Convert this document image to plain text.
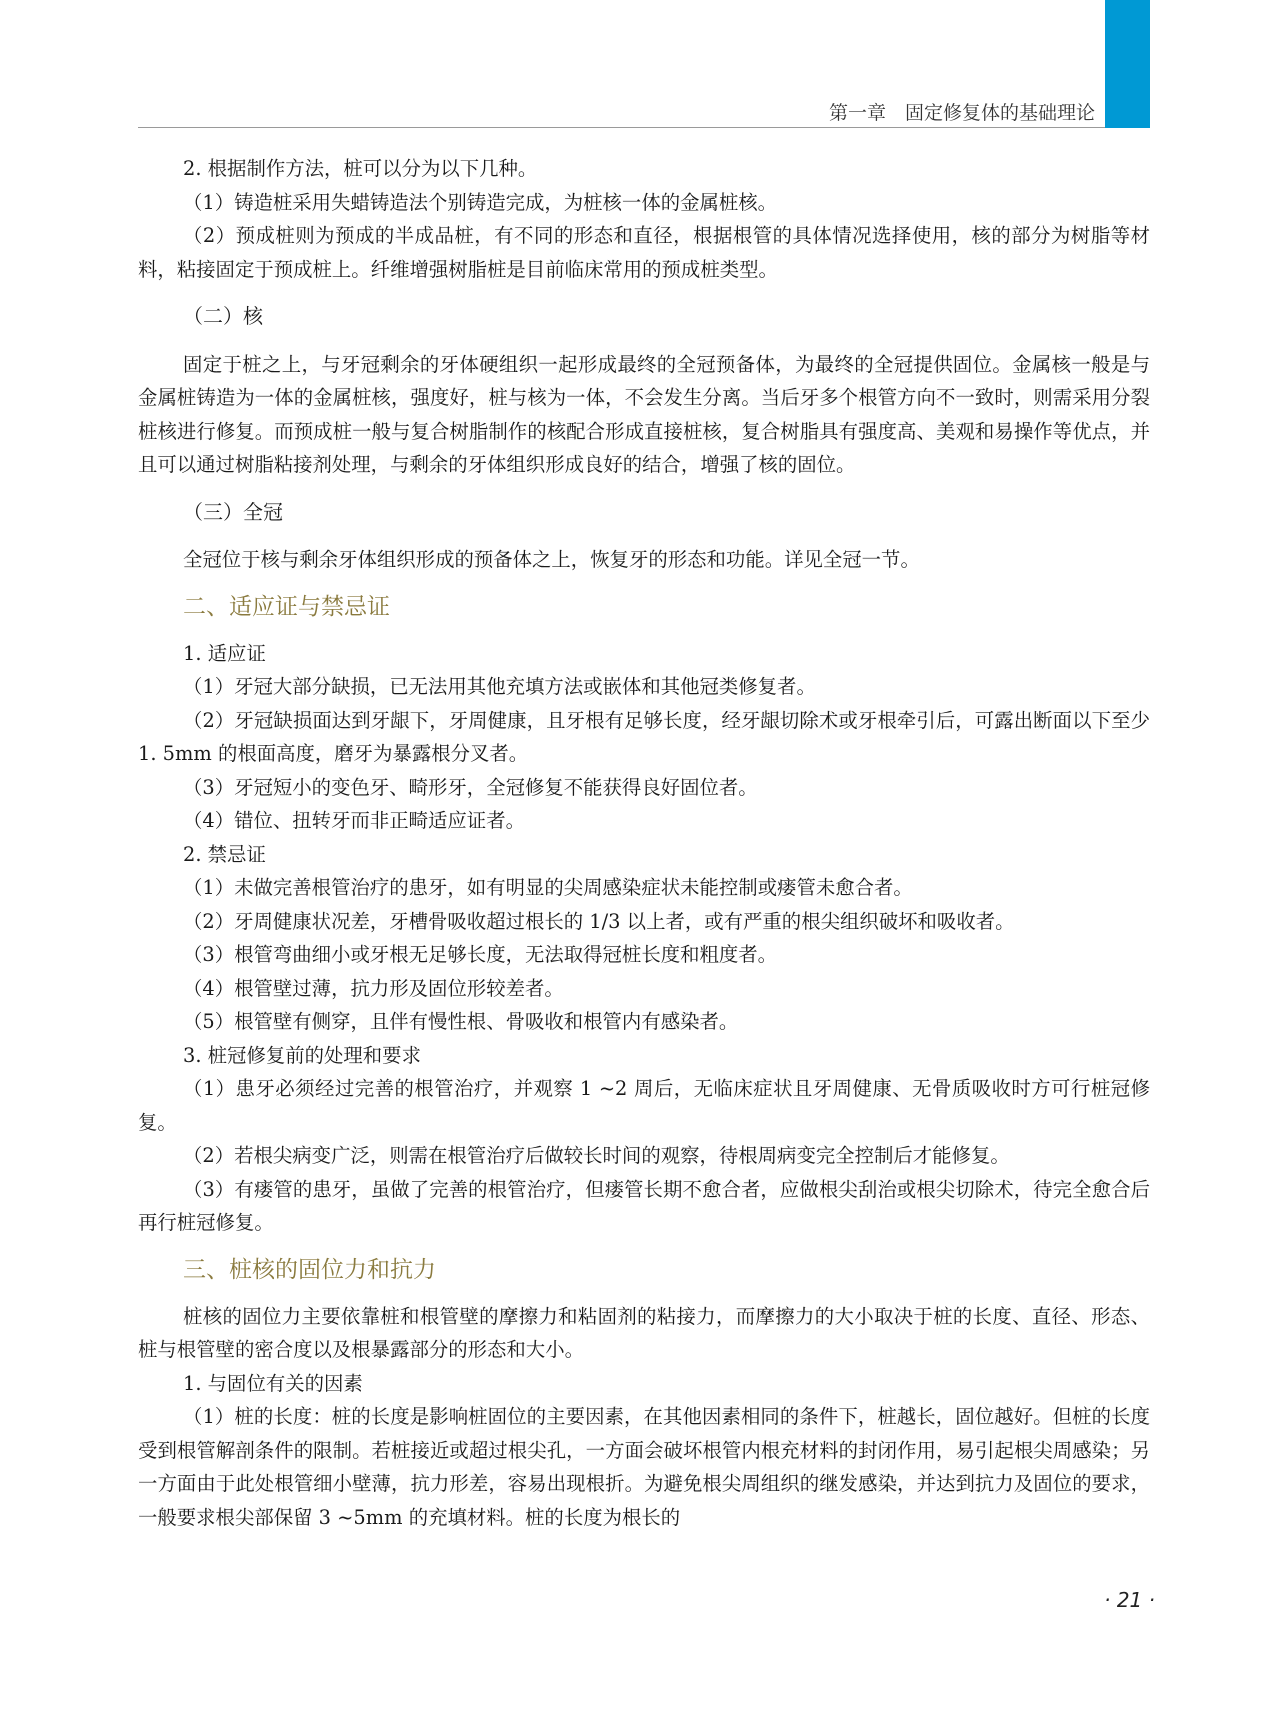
第一章　固定修复体的基础理论

2. 根据制作方法，桩可以分为以下几种。

（1）铸造桩采用失蜡铸造法个别铸造完成，为桩核一体的金属桩核。

（2）预成桩则为预成的半成品桩，有不同的形态和直径，根据根管的具体情况选择使用，核的部分为树脂等材料，粘接固定于预成桩上。纤维增强树脂桩是目前临床常用的预成桩类型。

（二）核

固定于桩之上，与牙冠剩余的牙体硬组织一起形成最终的全冠预备体，为最终的全冠提供固位。金属核一般是与金属桩铸造为一体的金属桩核，强度好，桩与核为一体，不会发生分离。当后牙多个根管方向不一致时，则需采用分裂桩核进行修复。而预成桩一般与复合树脂制作的核配合形成直接桩核，复合树脂具有强度高、美观和易操作等优点，并且可以通过树脂粘接剂处理，与剩余的牙体组织形成良好的结合，增强了核的固位。

（三）全冠

全冠位于核与剩余牙体组织形成的预备体之上，恢复牙的形态和功能。详见全冠一节。

二、适应证与禁忌证

1. 适应证

（1）牙冠大部分缺损，已无法用其他充填方法或嵌体和其他冠类修复者。

（2）牙冠缺损面达到牙龈下，牙周健康，且牙根有足够长度，经牙龈切除术或牙根牵引后，可露出断面以下至少 1. 5mm 的根面高度，磨牙为暴露根分叉者。

（3）牙冠短小的变色牙、畸形牙，全冠修复不能获得良好固位者。

（4）错位、扭转牙而非正畸适应证者。

2. 禁忌证

（1）未做完善根管治疗的患牙，如有明显的尖周感染症状未能控制或瘘管未愈合者。

（2）牙周健康状况差，牙槽骨吸收超过根长的 1/3 以上者，或有严重的根尖组织破坏和吸收者。

（3）根管弯曲细小或牙根无足够长度，无法取得冠桩长度和粗度者。

（4）根管壁过薄，抗力形及固位形较差者。

（5）根管壁有侧穿，且伴有慢性根、骨吸收和根管内有感染者。

3. 桩冠修复前的处理和要求

（1）患牙必须经过完善的根管治疗，并观察 1 ~2 周后，无临床症状且牙周健康、无骨质吸收时方可行桩冠修复。

（2）若根尖病变广泛，则需在根管治疗后做较长时间的观察，待根周病变完全控制后才能修复。

（3）有瘘管的患牙，虽做了完善的根管治疗，但瘘管长期不愈合者，应做根尖刮治或根尖切除术，待完全愈合后再行桩冠修复。

三、桩核的固位力和抗力

桩核的固位力主要依靠桩和根管壁的摩擦力和粘固剂的粘接力，而摩擦力的大小取决于桩的长度、直径、形态、桩与根管壁的密合度以及根暴露部分的形态和大小。

1. 与固位有关的因素

（1）桩的长度：桩的长度是影响桩固位的主要因素，在其他因素相同的条件下，桩越长，固位越好。但桩的长度受到根管解剖条件的限制。若桩接近或超过根尖孔，一方面会破坏根管内根充材料的封闭作用，易引起根尖周感染；另一方面由于此处根管细小壁薄，抗力形差，容易出现根折。为避免根尖周组织的继发感染，并达到抗力及固位的要求，一般要求根尖部保留 3 ~5mm 的充填材料。桩的长度为根长的

· 21 ·
